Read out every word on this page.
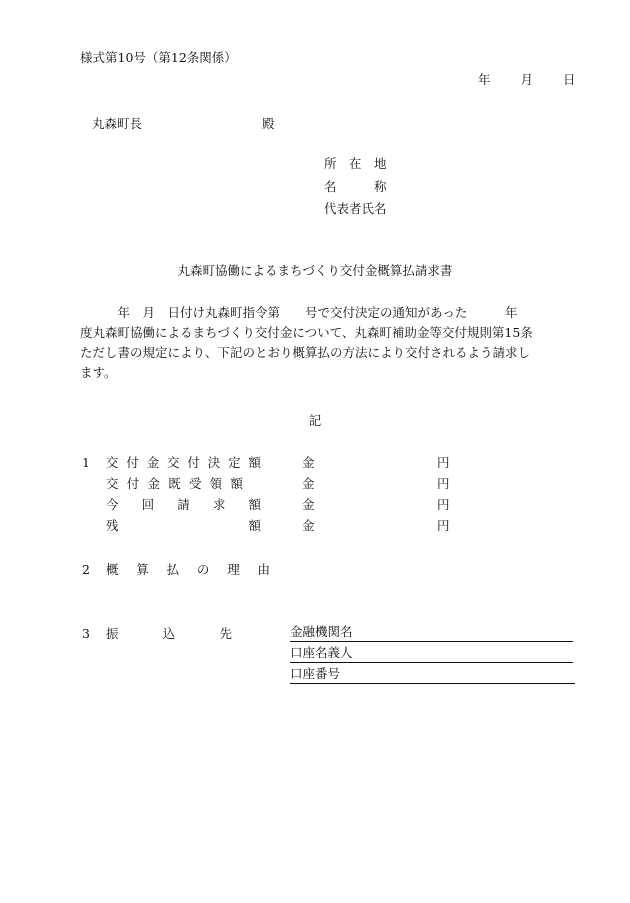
様式第10号（第12条関係）
年 月 日
丸森町長	殿
所　在　地
名　　　称
代表者氏名
丸森町協働によるまちづくり交付金概算払請求書
　　　年　月　日付け丸森町指令第　　号で交付決定の通知があった　　　年
度丸森町協働によるまちづくり交付金について、丸森町補助金等交付規則第15条
ただし書の規定により、下記のとおり概算払の方法により交付されるよう請求し
ます。
記
1 交 付 金 交 付 決 定 額	金	円
交 付 金 既 受 領 額	金	円
今 回 請 求 額	金	円
残	額	金	円
2 概 算 払 の 理 由
3 振	込	先	金融機関名
口座名義人
口座番号
